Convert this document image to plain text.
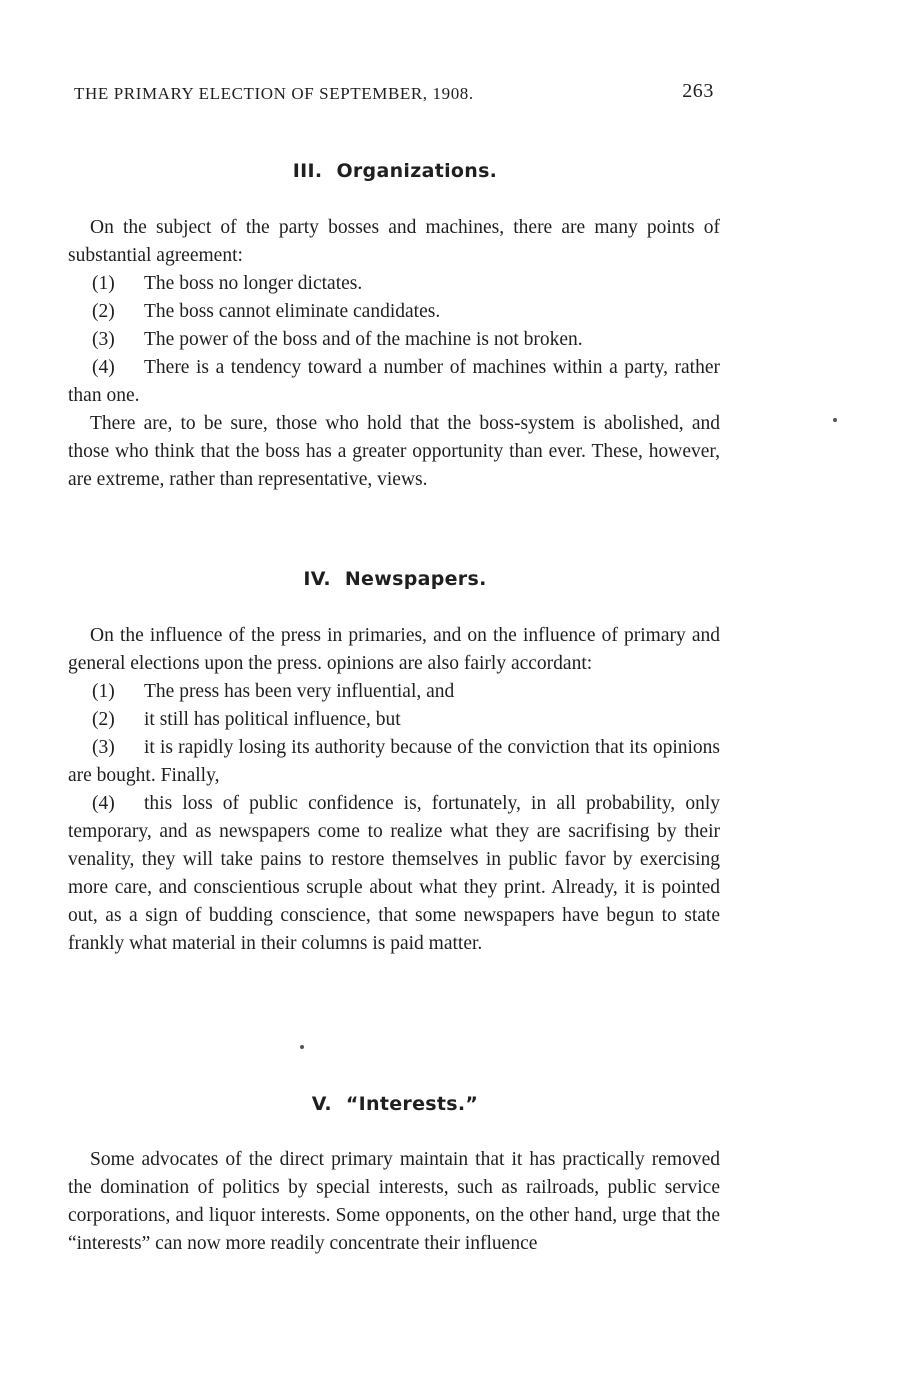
THE PRIMARY ELECTION OF SEPTEMBER, 1908.	263
III. Organizations.

On the subject of the party bosses and machines, there are many points of substantial agreement:

(1) The boss no longer dictates.

(2) The boss cannot eliminate candidates.

(3) The power of the boss and of the machine is not broken.

(4) There is a tendency toward a number of machines within a party, rather than one.

There are, to be sure, those who hold that the boss-system is abolished, and those who think that the boss has a greater opportunity than ever. These, however, are extreme, rather than representative, views.

IV. Newspapers.

On the influence of the press in primaries, and on the influence of primary and general elections upon the press. opinions are also fairly accordant:

(1) The press has been very influential, and

(2) it still has political influence, but

(3) it is rapidly losing its authority because of the conviction that its opinions are bought. Finally,

(4) this loss of public confidence is, fortunately, in all probability, only temporary, and as newspapers come to realize what they are sacrifising by their venality, they will take pains to restore themselves in public favor by exercising more care, and conscientious scruple about what they print. Already, it is pointed out, as a sign of budding conscience, that some newspapers have begun to state frankly what material in their columns is paid matter.

V. “Interests.”

Some advocates of the direct primary maintain that it has practically removed the domination of politics by special interests, such as railroads, public service corporations, and liquor interests. Some opponents, on the other hand, urge that the “interests” can now more readily concentrate their influence
